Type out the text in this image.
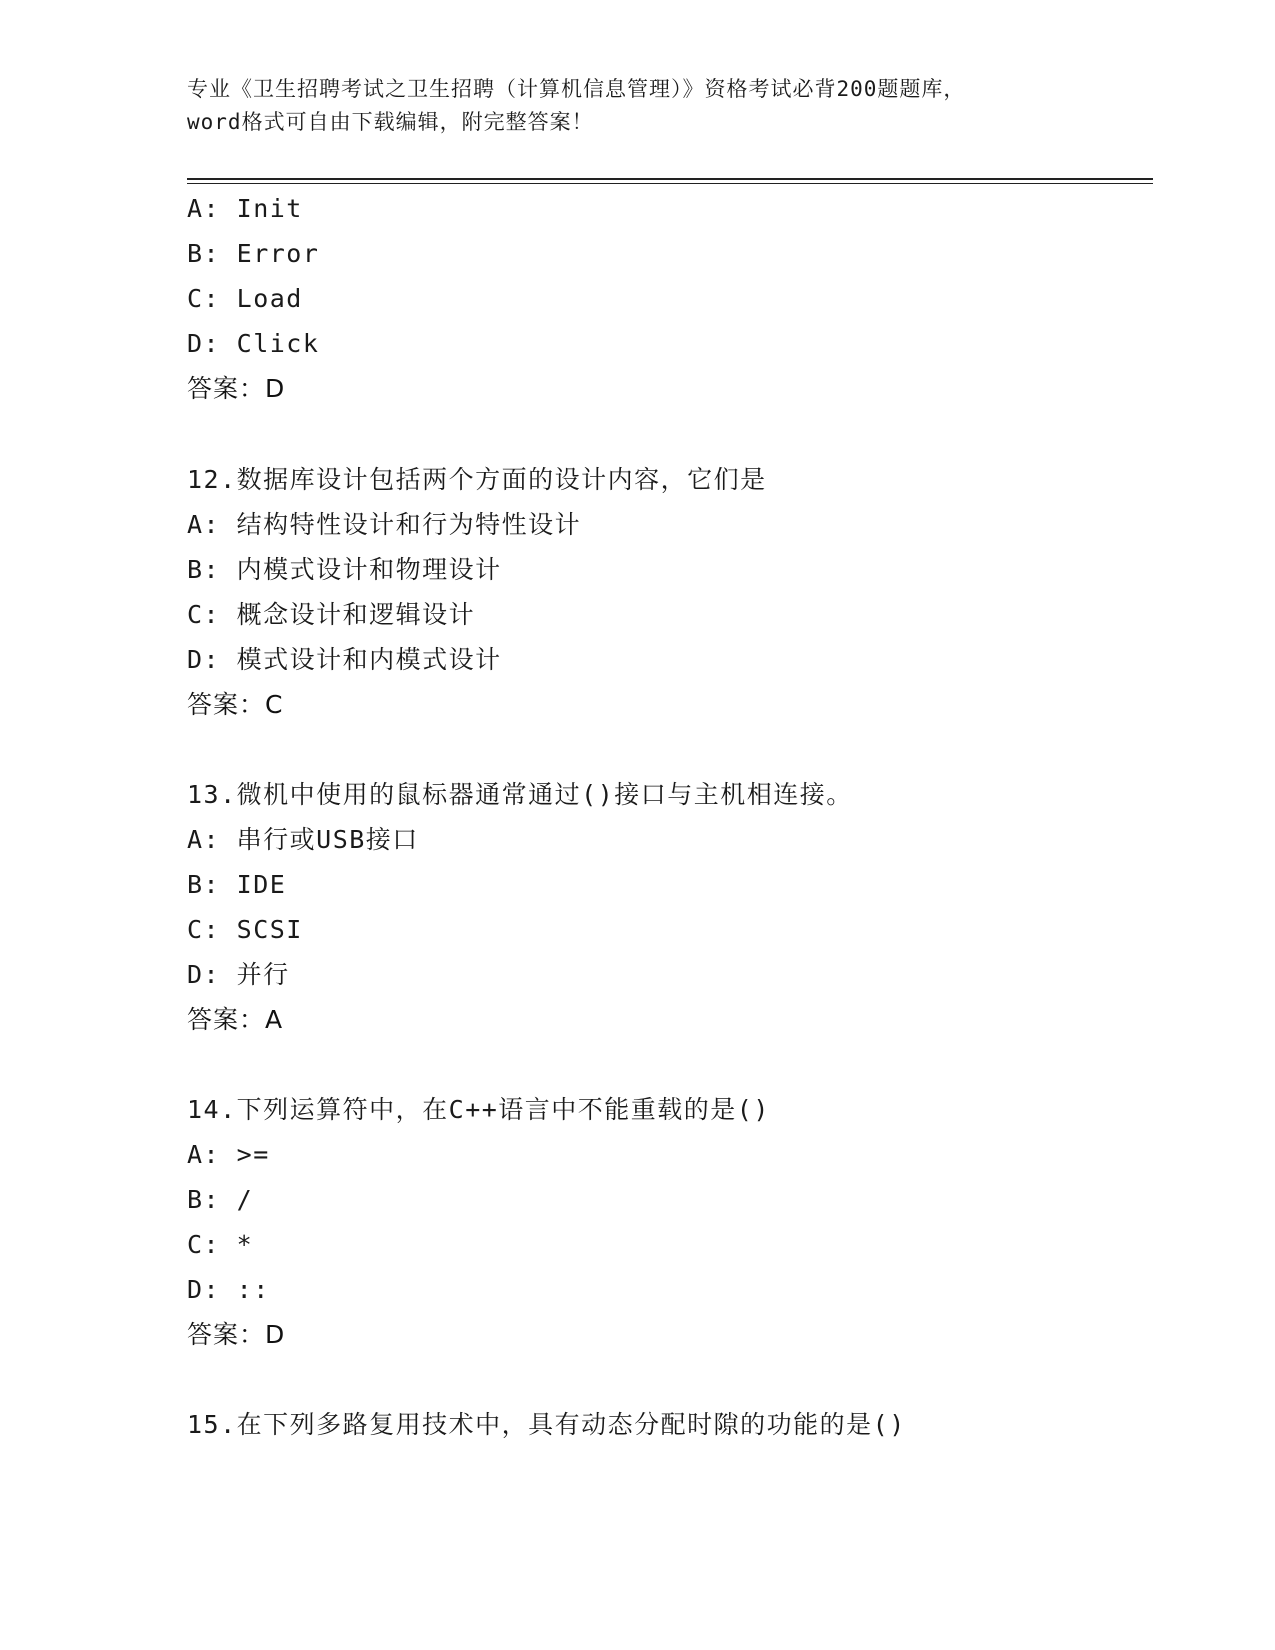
专业《卫生招聘考试之卫生招聘（计算机信息管理）》资格考试必背200题题库，
word格式可自由下载编辑，附完整答案！
A: Init
B: Error
C: Load
D: Click
答案：D
12.数据库设计包括两个方面的设计内容，它们是
A: 结构特性设计和行为特性设计
B: 内模式设计和物理设计
C: 概念设计和逻辑设计
D: 模式设计和内模式设计
答案：C
13.微机中使用的鼠标器通常通过()接口与主机相连接。
A: 串行或USB接口
B: IDE
C: SCSI
D: 并行
答案：A
14.下列运算符中，在C++语言中不能重载的是()
A: >=
B: /
C: *
D: ::
答案：D
15.在下列多路复用技术中，具有动态分配时隙的功能的是()
